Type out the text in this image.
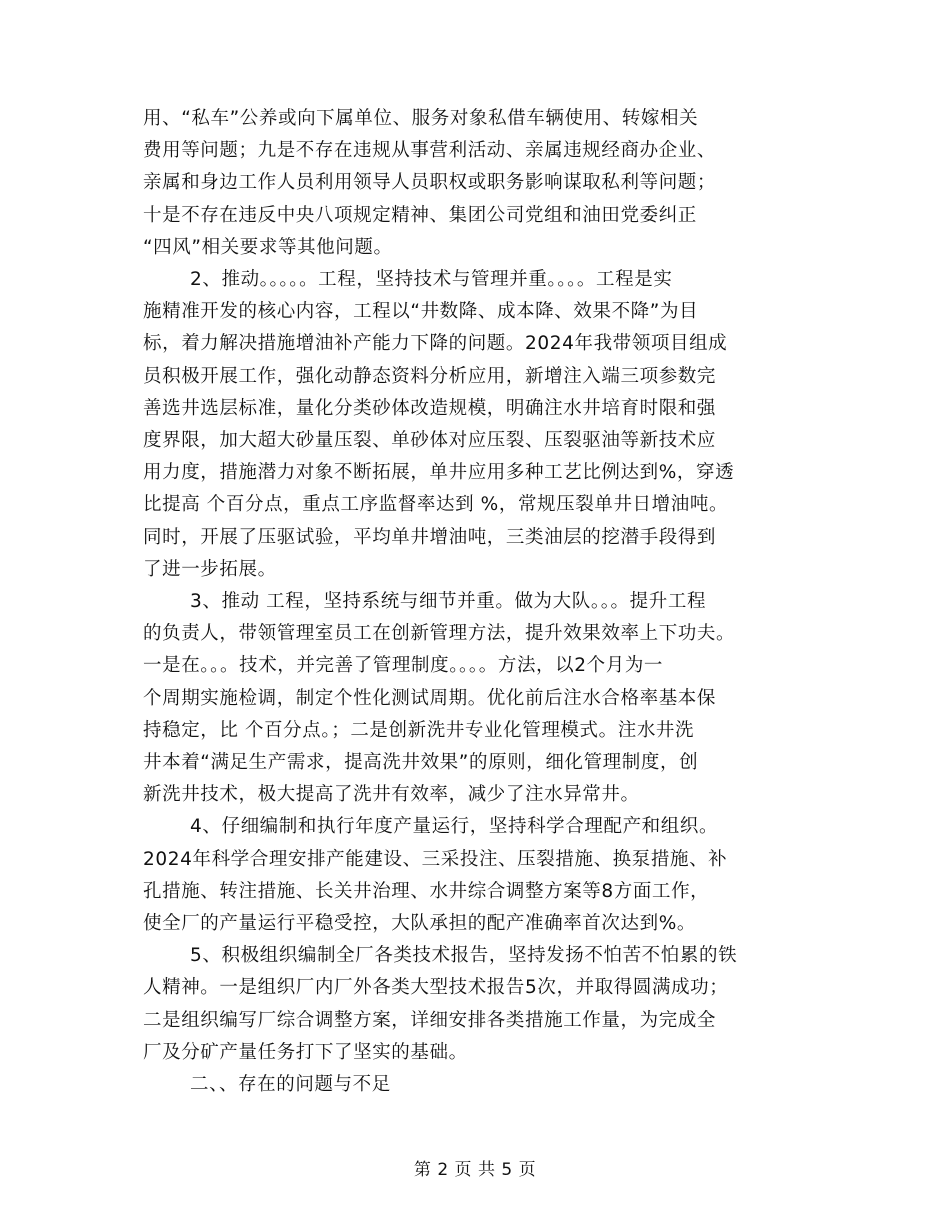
用、“私车”公养或向下属单位、服务对象私借车辆使用、转嫁相关
费用等问题；九是不存在违规从事营利活动、亲属违规经商办企业、
亲属和身边工作人员利用领导人员职权或职务影响谋取私利等问题；
十是不存在违反中央八项规定精神、集团公司党组和油田党委纠正
“四风”相关要求等其他问题。
2、推动。。。。。工程，坚持技术与管理并重。。。。工程是实
施精准开发的核心内容，工程以“井数降、成本降、效果不降”为目
标，着力解决措施增油补产能力下降的问题。2024年我带领项目组成
员积极开展工作，强化动静态资料分析应用，新增注入端三项参数完
善选井选层标准，量化分类砂体改造规模，明确注水井培育时限和强
度界限，加大超大砂量压裂、单砂体对应压裂、压裂驱油等新技术应
用力度，措施潜力对象不断拓展，单井应用多种工艺比例达到%，穿透
比提高 个百分点，重点工序监督率达到 %，常规压裂单井日增油吨。
同时，开展了压驱试验，平均单井增油吨，三类油层的挖潜手段得到
了进一步拓展。
3、推动 工程，坚持系统与细节并重。做为大队。。。提升工程
的负责人，带领管理室员工在创新管理方法，提升效果效率上下功夫。
一是在。。。技术，并完善了管理制度。。。。方法，以2个月为一
个周期实施检调，制定个性化测试周期。优化前后注水合格率基本保
持稳定，比 个百分点。；二是创新洗井专业化管理模式。注水井洗
井本着“满足生产需求，提高洗井效果”的原则，细化管理制度，创
新洗井技术，极大提高了洗井有效率，减少了注水异常井。
4、仔细编制和执行年度产量运行，坚持科学合理配产和组织。
2024年科学合理安排产能建设、三采投注、压裂措施、换泵措施、补
孔措施、转注措施、长关井治理、水井综合调整方案等8方面工作，
使全厂的产量运行平稳受控，大队承担的配产准确率首次达到%。
5、积极组织编制全厂各类技术报告，坚持发扬不怕苦不怕累的铁
人精神。一是组织厂内厂外各类大型技术报告5次，并取得圆满成功；
二是组织编写厂综合调整方案，详细安排各类措施工作量，为完成全
厂及分矿产量任务打下了坚实的基础。
二、、存在的问题与不足
第 2 页 共 5 页
